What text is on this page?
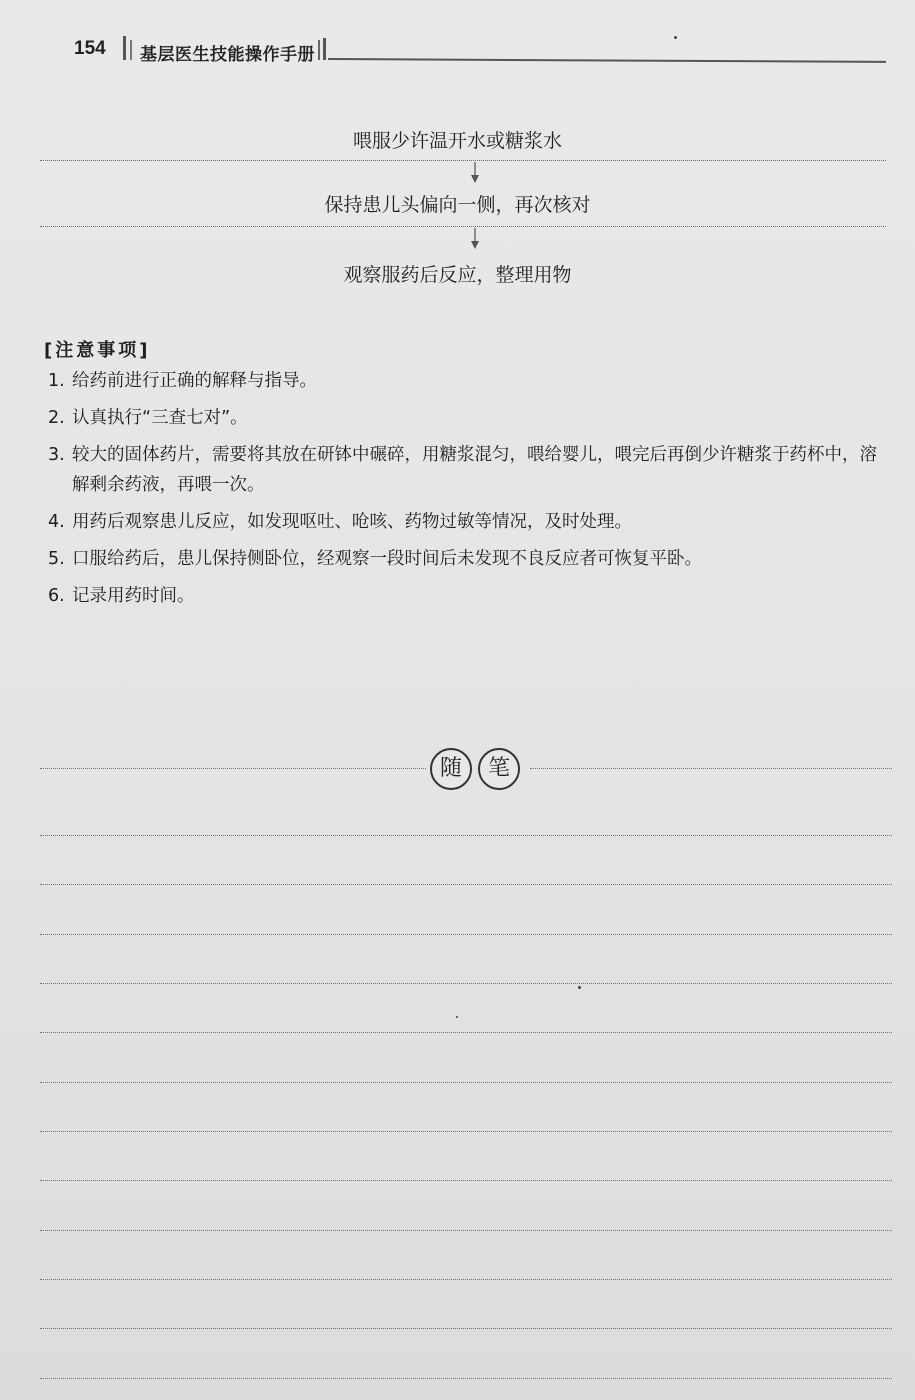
154 基层医生技能操作手册
喂服少许温开水或糖浆水
保持患儿头偏向一侧，再次核对
观察服药后反应，整理用物
[注意事项]
1. 给药前进行正确的解释与指导。
2. 认真执行“三查七对”。
3. 较大的固体药片，需要将其放在研钵中碾碎，用糖浆混匀，喂给婴儿，喂完后再倒少许糖浆于药杯中，溶解剩余药液，再喂一次。
4. 用药后观察患儿反应，如发现呕吐、呛咳、药物过敏等情况，及时处理。
5. 口服给药后，患儿保持侧卧位，经观察一段时间后未发现不良反应者可恢复平卧。
6. 记录用药时间。
随	笔
